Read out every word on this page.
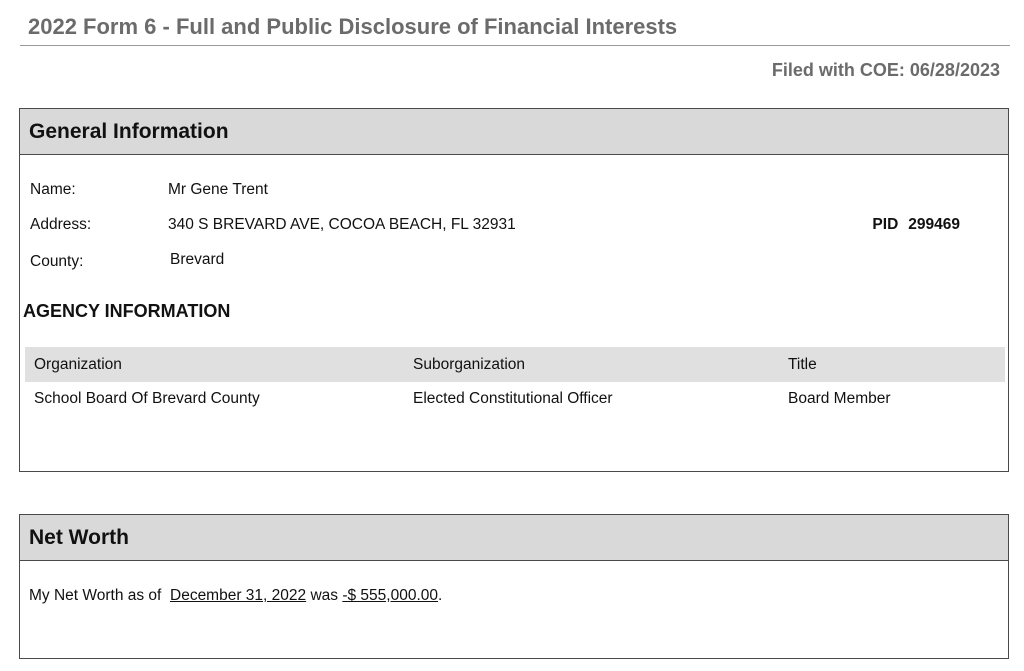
2022 Form 6 - Full and Public Disclosure of Financial Interests
Filed with COE: 06/28/2023
General Information
Name:	Mr Gene Trent
Address:	340 S BREVARD AVE, COCOA BEACH, FL 32931	PID 299469
County:	Brevard
AGENCY INFORMATION
Organization	Suborganization	Title
School Board Of Brevard County	Elected Constitutional Officer	Board Member
Net Worth
My Net Worth as of December 31, 2022 was -$ 555,000.00.
